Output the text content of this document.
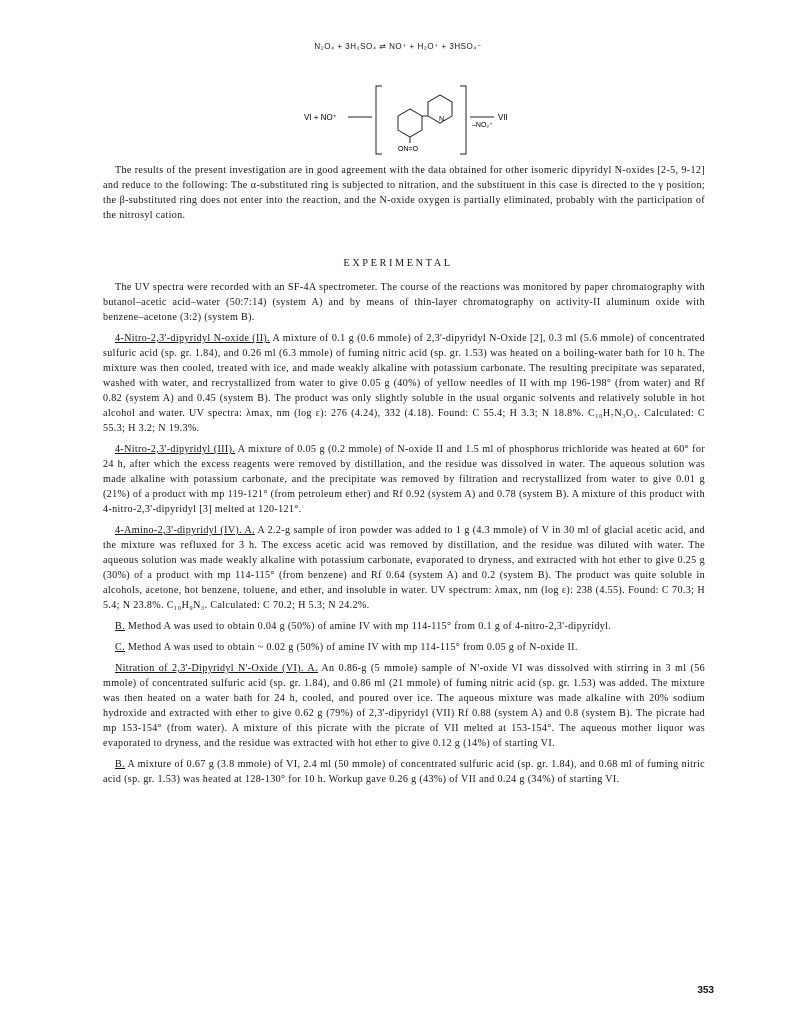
N₂O₄ + 3H₂SO₄ ⇌ NO⁺ + H₂O⁺ + 3HSO₄⁻
VI + NO⁺	N
ON=O
–NO₂⁺
VII

The results of the present investigation are in good agreement with the data obtained for other isomeric dipyridyl N-oxides [2-5, 9-12] and reduce to the following: The α-substituted ring is subjected to nitration, and the substituent in this case is directed to the γ position; the β-substituted ring does not enter into the reaction, and the N-oxide oxygen is partially eliminated, probably with the participation of the nitrosyl cation.

EXPERIMENTAL

The UV spectra were recorded with an SF-4A spectrometer. The course of the reactions was monitored by paper chromatography with butanol–acetic acid–water (50:7:14) (system A) and by means of thin-layer chromatography on activity-II aluminum oxide with benzene–acetone (3:2) (system B).

4-Nitro-2,3'-dipyridyl N-oxide (II). A mixture of 0.1 g (0.6 mmole) of 2,3'-dipyridyl N-Oxide [2], 0.3 ml (5.6 mmole) of concentrated sulfuric acid (sp. gr. 1.84), and 0.26 ml (6.3 mmole) of fuming nitric acid (sp. gr. 1.53) was heated on a boiling-water bath for 10 h. The mixture was then cooled, treated with ice, and made weakly alkaline with potassium carbonate. The resulting precipitate was separated, washed with water, and recrystallized from water to give 0.05 g (40%) of yellow needles of II with mp 196-198° (from water) and Rf 0.82 (system A) and 0.45 (system B). The product was only slightly soluble in the usual organic solvents and relatively soluble in hot alcohol and water. UV spectra: λmax, nm (log ε): 276 (4.24), 332 (4.18). Found: C 55.4; H 3.3; N 18.8%. C₁₀H₇N₃O₃. Calculated: C 55.3; H 3.2; N 19.3%.

4-Nitro-2,3'-dipyridyl (III). A mixture of 0.05 g (0.2 mmole) of N-oxide II and 1.5 ml of phosphorus trichloride was heated at 60° for 24 h, after which the excess reagents were removed by distillation, and the residue was dissolved in water. The aqueous solution was made alkaline with potassium carbonate, and the precipitate was removed by filtration and recrystallized from water to give 0.01 g (21%) of a product with mp 119-121° (from petroleum ether) and Rf 0.92 (system A) and 0.78 (system B). A mixture of this product with 4-nitro-2,3'-dipyridyl [3] melted at 120-121°.

4-Amino-2,3'-dipyridyl (IV). A. A 2.2-g sample of iron powder was added to 1 g (4.3 mmole) of V in 30 ml of glacial acetic acid, and the mixture was refluxed for 3 h. The excess acetic acid was removed by distillation, and the residue was diluted with water. The aqueous solution was made weakly alkaline with potassium carbonate, evaporated to dryness, and extracted with hot ether to give 0.25 g (30%) of a product with mp 114-115° (from benzene) and Rf 0.64 (system A) and 0.2 (system B). The product was quite soluble in alcohols, acetone, hot benzene, toluene, and ether, and insoluble in water. UV spectrum: λmax, nm (log ε): 238 (4.55). Found: C 70.3; H 5.4; N 23.8%. C₁₀H₉N₃. Calculated: C 70.2; H 5.3; N 24.2%.

B. Method A was used to obtain 0.04 g (50%) of amine IV with mp 114-115° from 0.1 g of 4-nitro-2,3'-dipyridyl.

C. Method A was used to obtain ~ 0.02 g (50%) of amine IV with mp 114-115° from 0.05 g of N-oxide II.

Nitration of 2,3'-Dipyridyl N'-Oxide (VI). A. An 0.86-g (5 mmole) sample of N'-oxide VI was dissolved with stirring in 3 ml (56 mmole) of concentrated sulfuric acid (sp. gr. 1.84), and 0.86 ml (21 mmole) of fuming nitric acid (sp. gr. 1.53) was added. The mixture was then heated on a water bath for 24 h, cooled, and poured over ice. The aqueous mixture was made alkaline with 20% sodium hydroxide and extracted with ether to give 0.62 g (79%) of 2,3'-dipyridyl (VII) Rf 0.88 (system A) and 0.8 (system B). The picrate had mp 153-154° (from water). A mixture of this picrate with the picrate of VII melted at 153-154°. The aqueous mother liquor was evaporated to dryness, and the residue was extracted with hot ether to give 0.12 g (14%) of starting VI.

B. A mixture of 0.67 g (3.8 mmole) of VI, 2.4 ml (50 mmole) of concentrated sulfuric acid (sp. gr. 1.84), and 0.68 ml of fuming nitric acid (sp. gr. 1.53) was heated at 128-130° for 10 h. Workup gave 0.26 g (43%) of VII and 0.24 g (34%) of starting VI.

353
